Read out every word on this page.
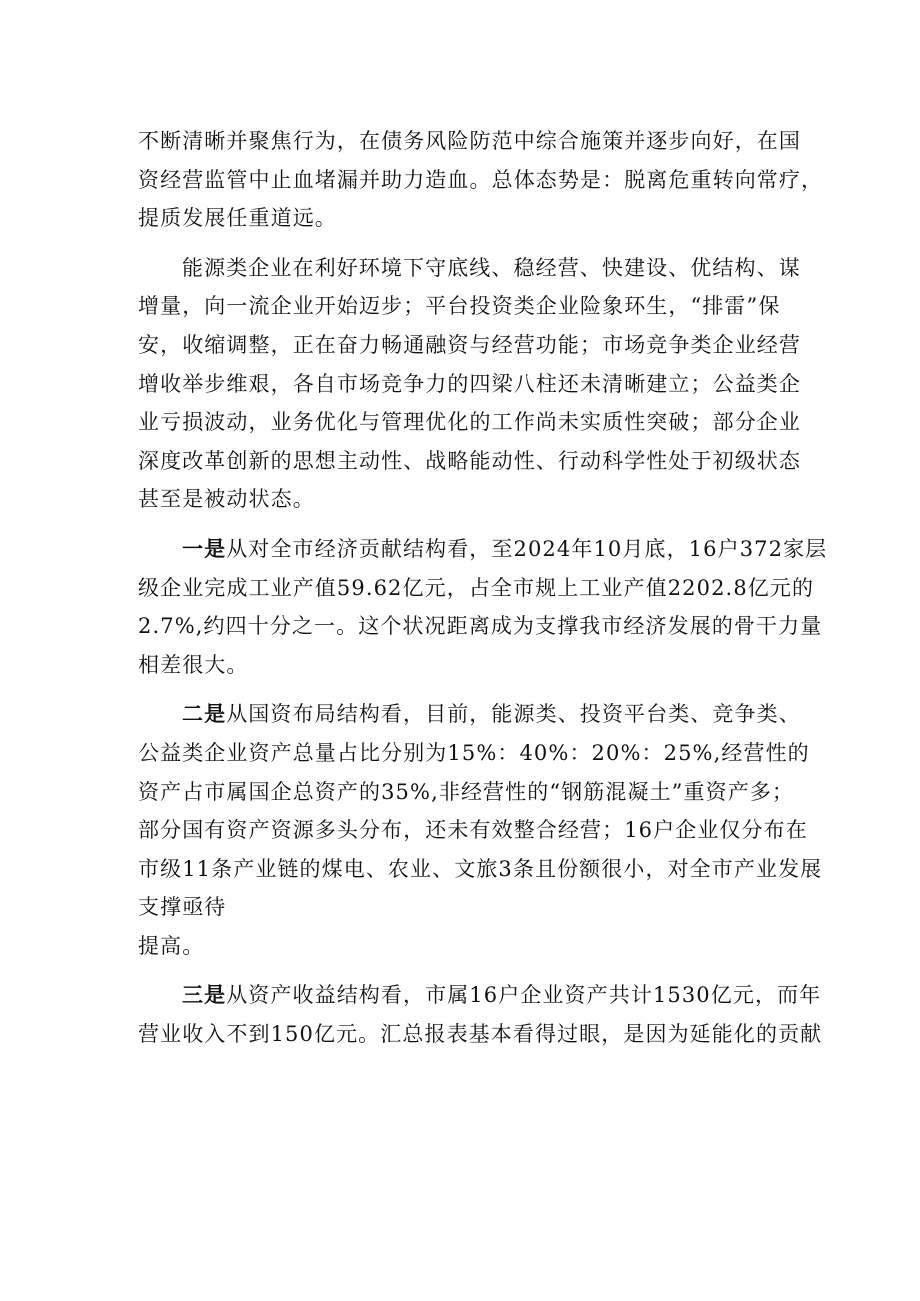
不断清晰并聚焦行为，在债务风险防范中综合施策并逐步向好，在国
资经营监管中止血堵漏并助力造血。总体态势是：脱离危重转向常疗，
提质发展任重道远。
能源类企业在利好环境下守底线、稳经营、快建设、优结构、谋
增量，向一流企业开始迈步；平台投资类企业险象环生，“排雷”保
安，收缩调整，正在奋力畅通融资与经营功能；市场竞争类企业经营
增收举步维艰，各自市场竞争力的四梁八柱还未清晰建立；公益类企
业亏损波动，业务优化与管理优化的工作尚未实质性突破；部分企业
深度改革创新的思想主动性、战略能动性、行动科学性处于初级状态
甚至是被动状态。
一是从对全市经济贡献结构看，至2024年10月底，16户372家层
级企业完成工业产值59.62亿元，占全市规上工业产值2202.8亿元的
2.7%,约四十分之一。这个状况距离成为支撑我市经济发展的骨干力量
相差很大。
二是从国资布局结构看，目前，能源类、投资平台类、竞争类、
公益类企业资产总量占比分别为15%：40%：20%：25%,经营性的
资产占市属国企总资产的35%,非经营性的“钢筋混凝土”重资产多；
部分国有资产资源多头分布，还未有效整合经营；16户企业仅分布在
市级11条产业链的煤电、农业、文旅3条且份额很小，对全市产业发展
支撑亟待
提高。
三是从资产收益结构看，市属16户企业资产共计1530亿元，而年
营业收入不到150亿元。汇总报表基本看得过眼，是因为延能化的贡献
